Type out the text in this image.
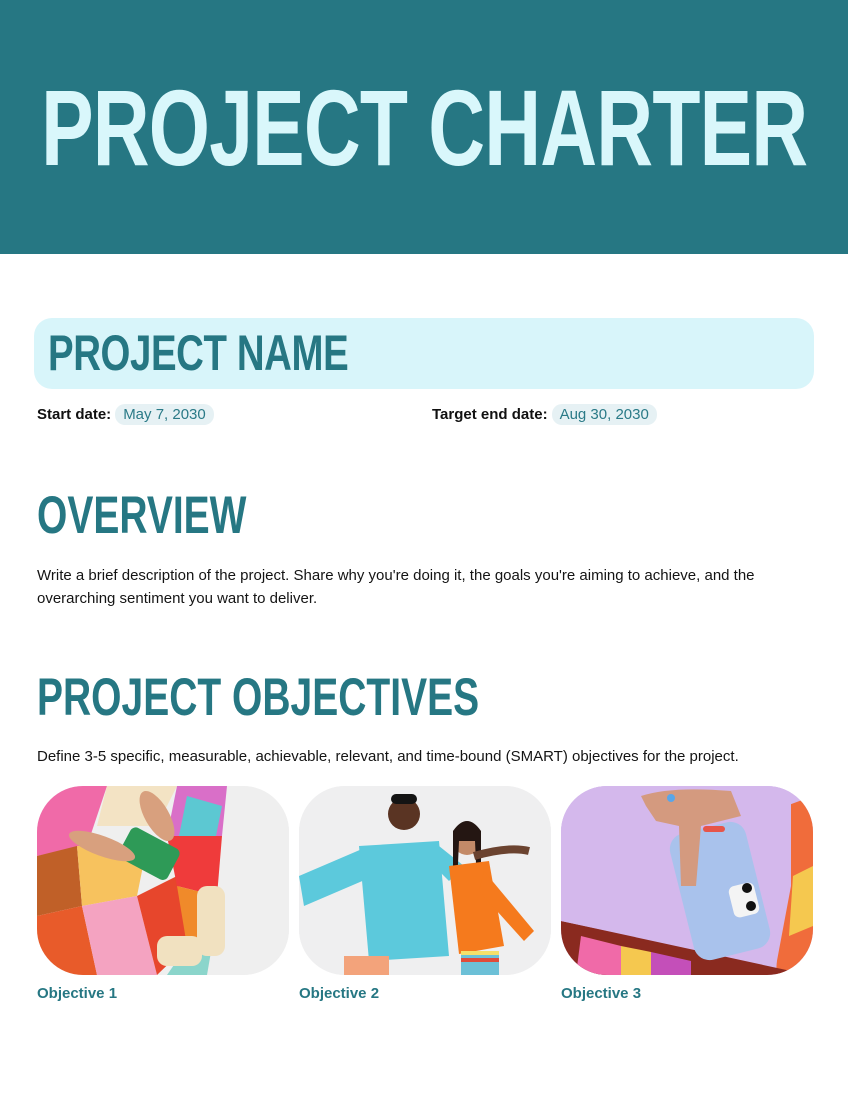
PROJECT CHARTER
PROJECT NAME
Start date: May 7, 2030	Target end date: Aug 30, 2030
OVERVIEW
Write a brief description of the project. Share why you're doing it, the goals you're aiming to achieve, and the overarching sentiment you want to deliver.
PROJECT OBJECTIVES
Define 3-5 specific, measurable, achievable, relevant, and time-bound (SMART) objectives for the project.
Objective 1	Objective 2	Objective 3
